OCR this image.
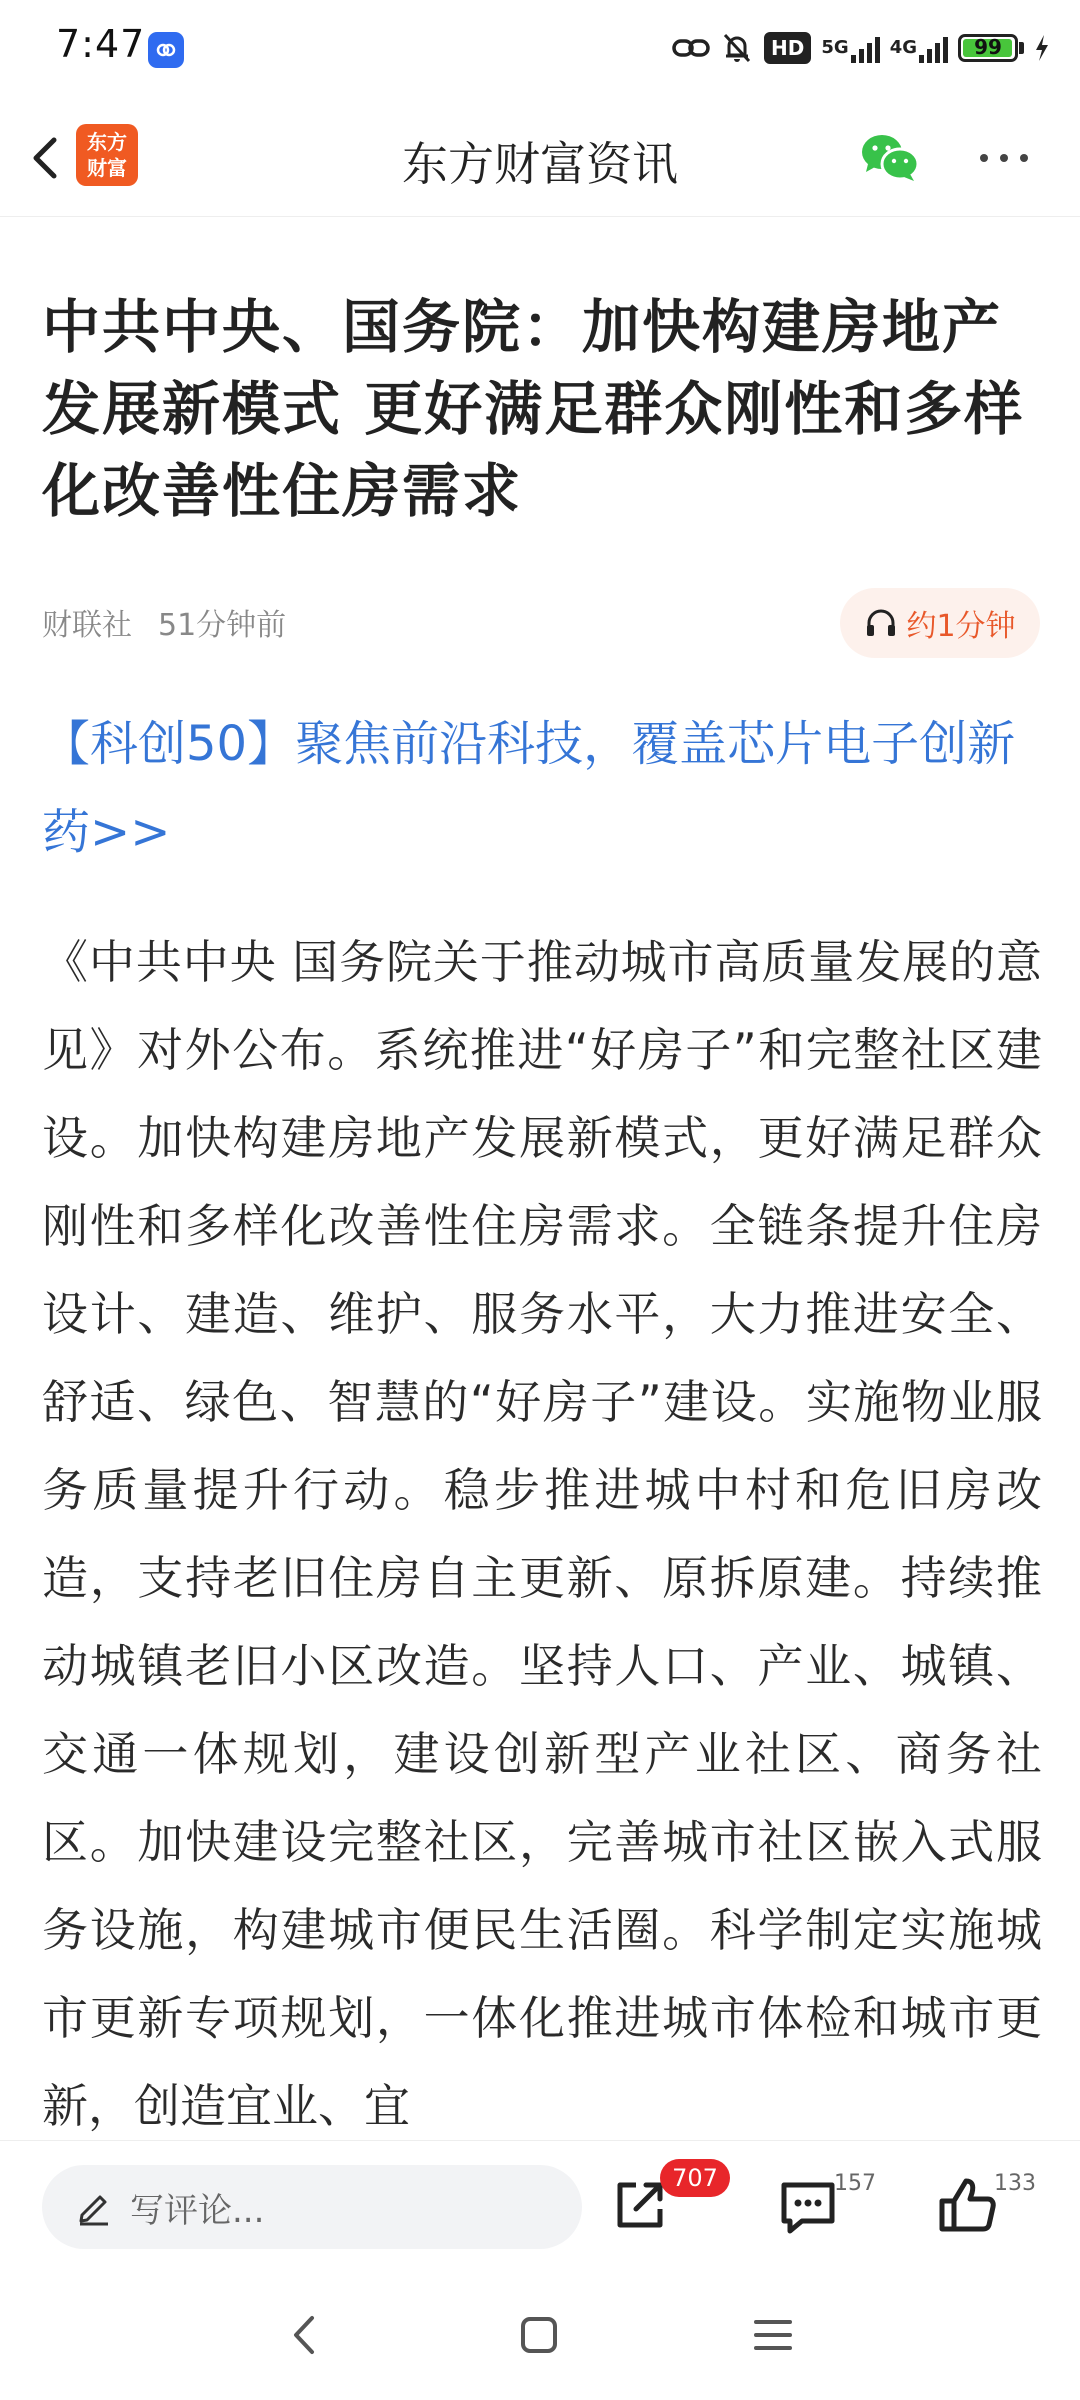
7:47	HD 5G 4G	99
东方
财富	东方财富资讯
中共中央、国务院：加快构建房地产发展新模式 更好满足群众刚性和多样化改善性住房需求
财联社 51分钟前	约1分钟
【科创50】聚焦前沿科技，覆盖芯片电子创新药>>
《中共中央 国务院关于推动城市高质量发展的意见》对外公布。系统推进“好房子”和完整社区建设。加快构建房地产发展新模式，更好满足群众刚性和多样化改善性住房需求。全链条提升住房设计、建造、维护、服务水平，大力推进安全、舒适、绿色、智慧的“好房子”建设。实施物业服务质量提升行动。稳步推进城中村和危旧房改造，支持老旧住房自主更新、原拆原建。持续推动城镇老旧小区改造。坚持人口、产业、城镇、交通一体规划，建设创新型产业社区、商务社区。加快建设完整社区，完善城市社区嵌入式服务设施，构建城市便民生活圈。科学制定实施城市更新专项规划，一体化推进城市体检和城市更新，创造宜业、宜
写评论...
707	157	133
